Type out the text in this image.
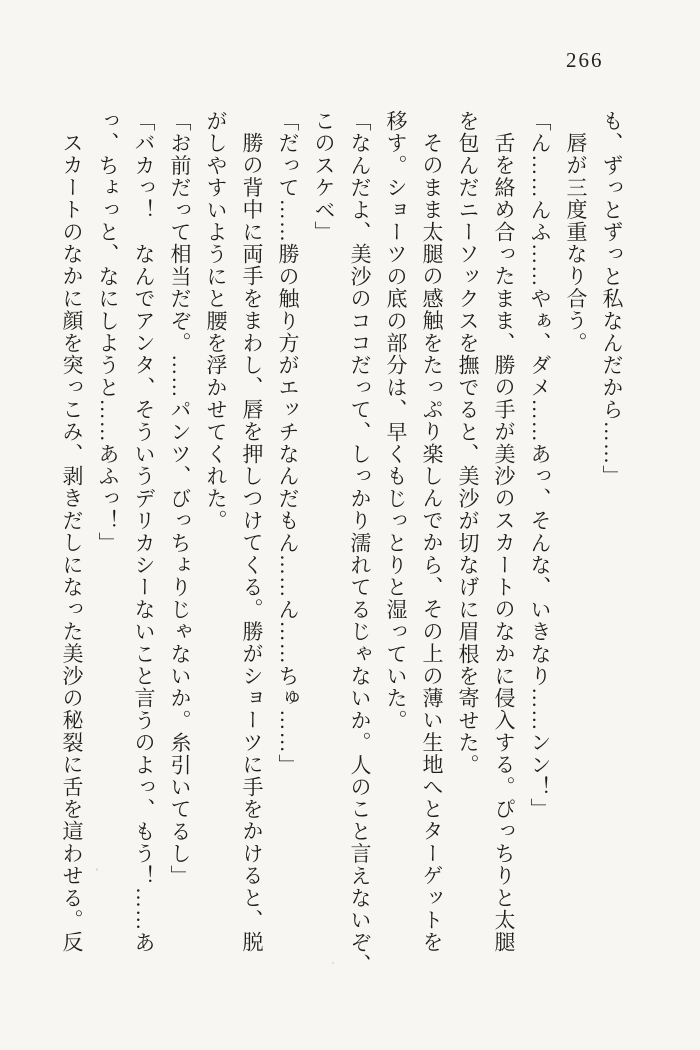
266

も、ずっとずっと私なんだから……」

唇が三度重なり合う。

「ん……んふ……やぁ、ダメ……あっ、そんな、いきなり……ンン！」

舌を絡め合ったまま、勝の手が美沙のスカートのなかに侵入する。ぴっちりと太腿

を包んだニーソックスを撫でると、美沙が切なげに眉根を寄せた。

そのまま太腿の感触をたっぷり楽しんでから、その上の薄い生地へとターゲットを

移す。ショーツの底の部分は、早くもじっとりと湿っていた。

「なんだよ、美沙のココだって、しっかり濡れてるじゃないか。人のこと言えないぞ、

このスケベ」

「だって……勝の触り方がエッチなんだもん……ん……ちゅ……」

勝の背中に両手をまわし、唇を押しつけてくる。勝がショーツに手をかけると、脱

がしやすいようにと腰を浮かせてくれた。

「お前だって相当だぞ。……パンツ、びっちょりじゃないか。糸引いてるし」

「バカっ！　なんでアンタ、そういうデリカシーないこと言うのよっ、もう！……あ

っ、ちょっと、なにしようと……あふっ！」

スカートのなかに顔を突っこみ、剥きだしになった美沙の秘裂に舌を這わせる。反
